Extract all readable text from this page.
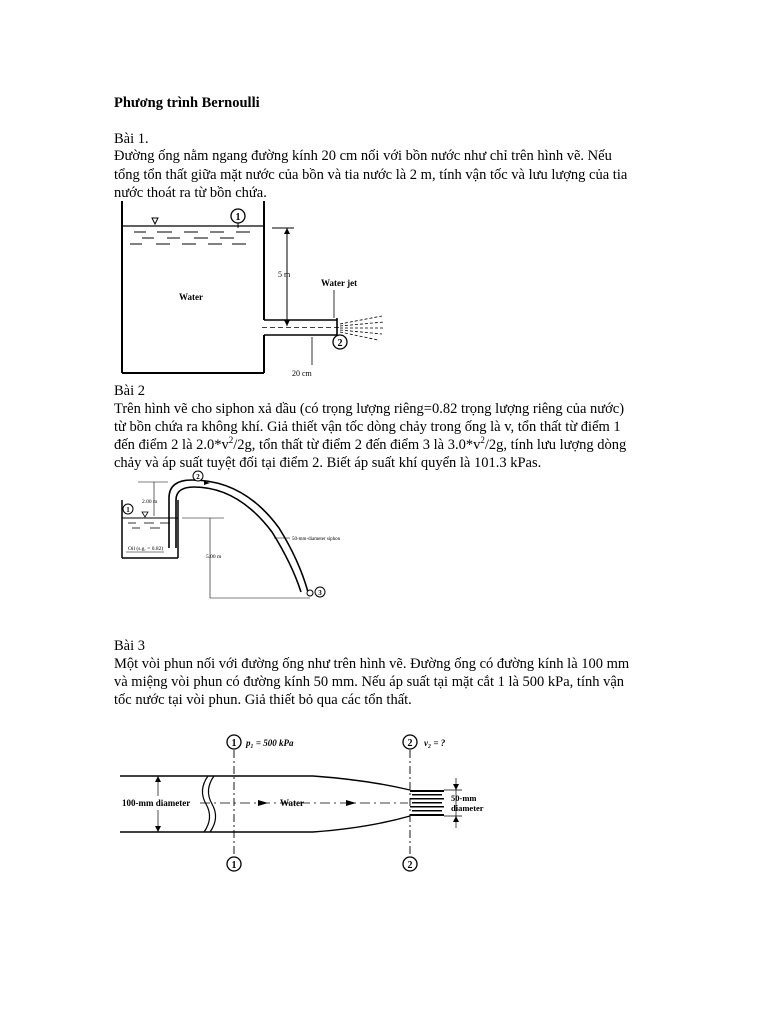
Phương trình Bernoulli
Bài 1.
Đường ống nằm ngang đường kính 20 cm nối với bồn nước như chỉ trên hình vẽ. Nếu
tổng tổn thất giữa mặt nước của bồn và tia nước là 2 m, tính vận tốc và lưu lượng của tia
nước thoát ra từ bồn chứa.
1
5 m
Water
Water jet
2
20 cm
Bài 2
Trên hình vẽ cho siphon xả dầu (có trọng lượng riêng=0.82 trọng lượng riêng của nước)
từ bồn chứa ra không khí. Giả thiết vận tốc dòng chảy trong ống là v, tổn thất từ điểm 1
đến điểm 2 là $2.0*v^2/2g$, tổn thất từ điểm 2 đến điểm 3 là $3.0*v^2/2g$, tính lưu lượng dòng
chảy và áp suất tuyệt đối tại điểm 2. Biết áp suất khí quyển là 101.3 kPas.
1
Oil (s.g. = 0.82)
2
2.00 m
5.00 m
50-mm-diameter siphon
3
Bài 3
Một vòi phun nối với đường ống như trên hình vẽ. Đường ống có đường kính là 100 mm
và miệng vòi phun có đường kính 50 mm. Nếu áp suất tại mặt cắt 1 là 500 kPa, tính vận
tốc nước tại vòi phun. Giả thiết bỏ qua các tổn thất.
Water
100-mm diameter	50-mm
diameter
1
1
p₁ = 500 kPa	2
2
v₂ = ?
